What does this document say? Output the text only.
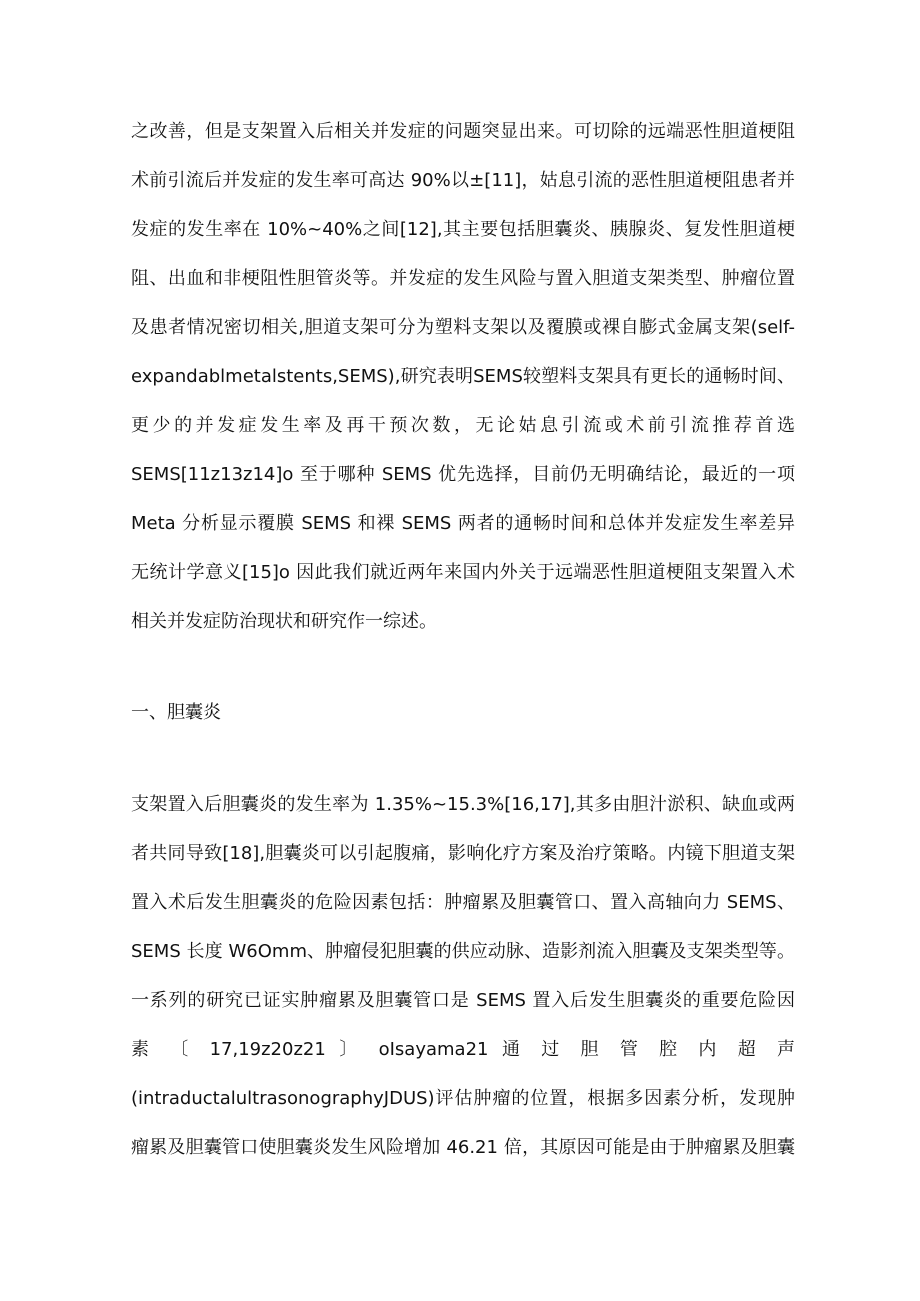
之改善，但是支架置入后相关并发症的问题突显出来。可切除的远端恶性胆道梗阻
术前引流后并发症的发生率可高达 90%以±[11]，姑息引流的恶性胆道梗阻患者并
发症的发生率在 10%~40%之间[12],其主要包括胆囊炎、胰腺炎、复发性胆道梗
阻、出血和非梗阻性胆管炎等。并发症的发生风险与置入胆道支架类型、肿瘤位置
及患者情况密切相关,胆道支架可分为塑料支架以及覆膜或裸自膨式金属支架(self-
expandablmetalstents,SEMS),研究表明SEMS较塑料支架具有更长的通畅时间、
更少的并发症发生率及再干预次数，无论姑息引流或术前引流推荐首选
SEMS[11z13z14]o 至于哪种 SEMS 优先选择，目前仍无明确结论，最近的一项
Meta 分析显示覆膜 SEMS 和裸 SEMS 两者的通畅时间和总体并发症发生率差异
无统计学意义[15]o 因此我们就近两年来国内外关于远端恶性胆道梗阻支架置入术
相关并发症防治现状和研究作一综述。
一、胆囊炎
支架置入后胆囊炎的发生率为 1.35%~15.3%[16,17],其多由胆汁淤积、缺血或两
者共同导致[18],胆囊炎可以引起腹痛，影响化疗方案及治疗策略。内镜下胆道支架
置入术后发生胆囊炎的危险因素包括：肿瘤累及胆囊管口、置入高轴向力 SEMS、
SEMS 长度 W6Omm、肿瘤侵犯胆囊的供应动脉、造影剂流入胆囊及支架类型等。
一系列的研究已证实肿瘤累及胆囊管口是 SEMS 置入后发生胆囊炎的重要危险因
素 〔 17,19z20z21 〕 oIsayama21 通 过 胆 管 腔 内 超 声
(intraductalultrasonographyJDUS)评估肿瘤的位置，根据多因素分析，发现肿
瘤累及胆囊管口使胆囊炎发生风险增加 46.21 倍，其原因可能是由于肿瘤累及胆囊
